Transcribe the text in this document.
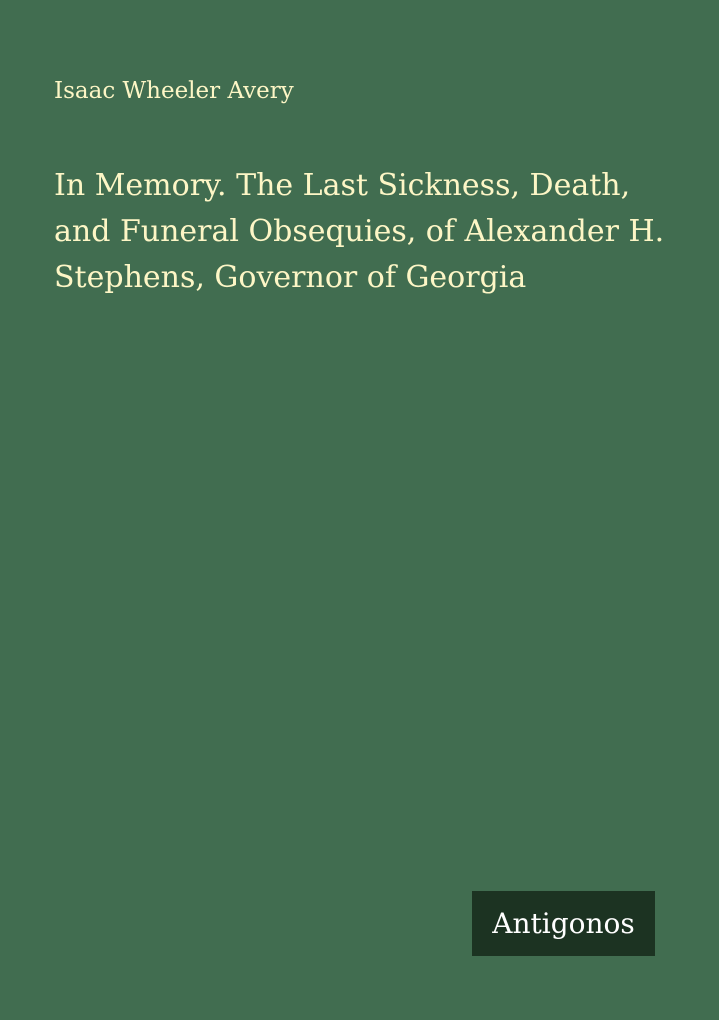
Isaac Wheeler Avery
In Memory. The Last Sickness, Death, and Funeral Obsequies, of Alexander H. Stephens, Governor of Georgia
Antigonos
